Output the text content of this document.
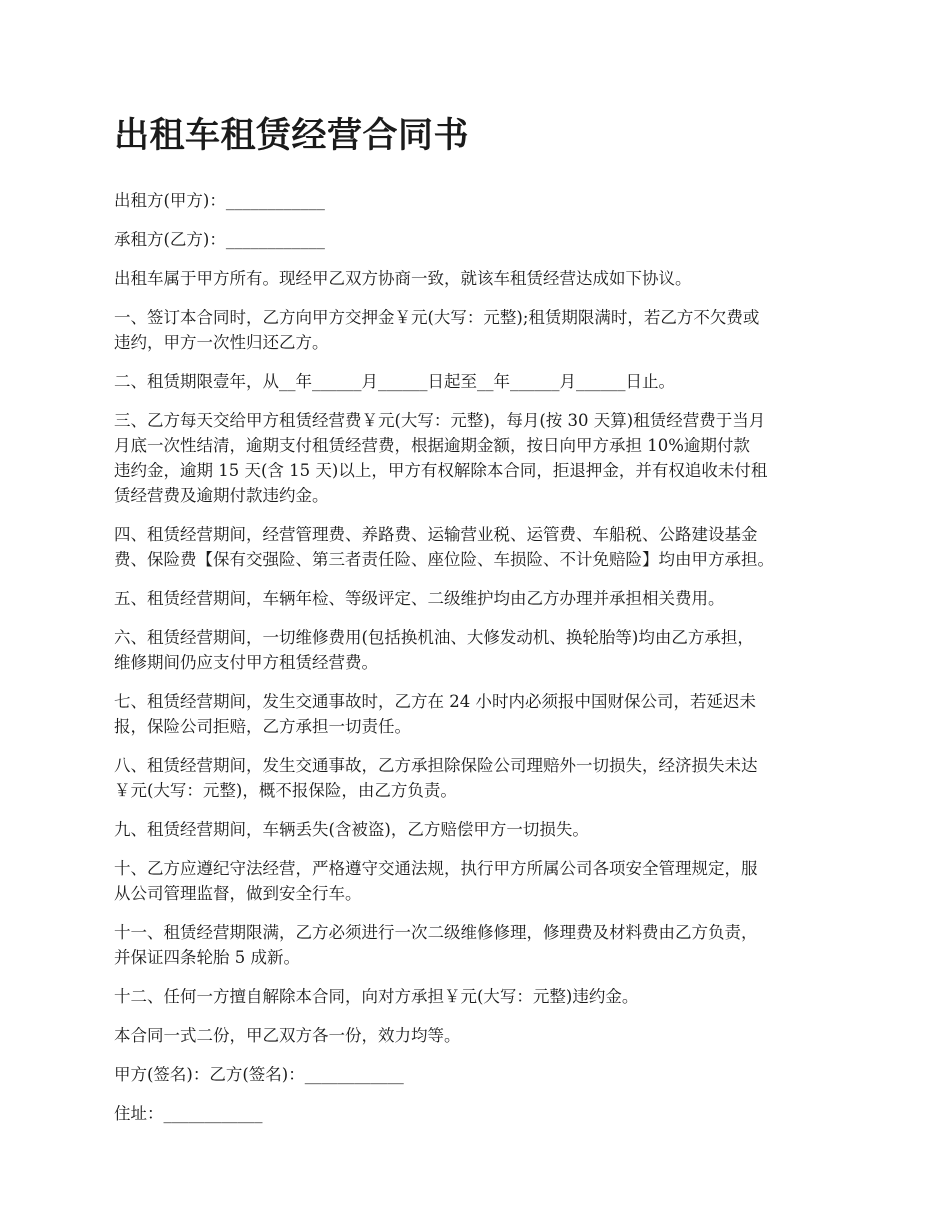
出租车租赁经营合同书
出租方(甲方)：____________
承租方(乙方)：____________
出租车属于甲方所有。现经甲乙双方协商一致，就该车租赁经营达成如下协议。
一、签订本合同时，乙方向甲方交押金￥元(大写：元整);租赁期限满时，若乙方不欠费或
违约，甲方一次性归还乙方。
二、租赁期限壹年，从__年______月______日起至__年______月______日止。
三、乙方每天交给甲方租赁经营费￥元(大写：元整)，每月(按 30 天算)租赁经营费于当月
月底一次性结清，逾期支付租赁经营费，根据逾期金额，按日向甲方承担 10%逾期付款
违约金，逾期 15 天(含 15 天)以上，甲方有权解除本合同，拒退押金，并有权追收未付租
赁经营费及逾期付款违约金。
四、租赁经营期间，经营管理费、养路费、运输营业税、运管费、车船税、公路建设基金
费、保险费【保有交强险、第三者责任险、座位险、车损险、不计免赔险】均由甲方承担。
五、租赁经营期间，车辆年检、等级评定、二级维护均由乙方办理并承担相关费用。
六、租赁经营期间，一切维修费用(包括换机油、大修发动机、换轮胎等)均由乙方承担，
维修期间仍应支付甲方租赁经营费。
七、租赁经营期间，发生交通事故时，乙方在 24 小时内必须报中国财保公司，若延迟未
报，保险公司拒赔，乙方承担一切责任。
八、租赁经营期间，发生交通事故，乙方承担除保险公司理赔外一切损失，经济损失未达
￥元(大写：元整)，概不报保险，由乙方负责。
九、租赁经营期间，车辆丢失(含被盗)，乙方赔偿甲方一切损失。
十、乙方应遵纪守法经营，严格遵守交通法规，执行甲方所属公司各项安全管理规定，服
从公司管理监督，做到安全行车。
十一、租赁经营期限满，乙方必须进行一次二级维修修理，修理费及材料费由乙方负责，
并保证四条轮胎 5 成新。
十二、任何一方擅自解除本合同，向对方承担￥元(大写：元整)违约金。
本合同一式二份，甲乙双方各一份，效力均等。
甲方(签名)：乙方(签名)：____________
住址：____________
